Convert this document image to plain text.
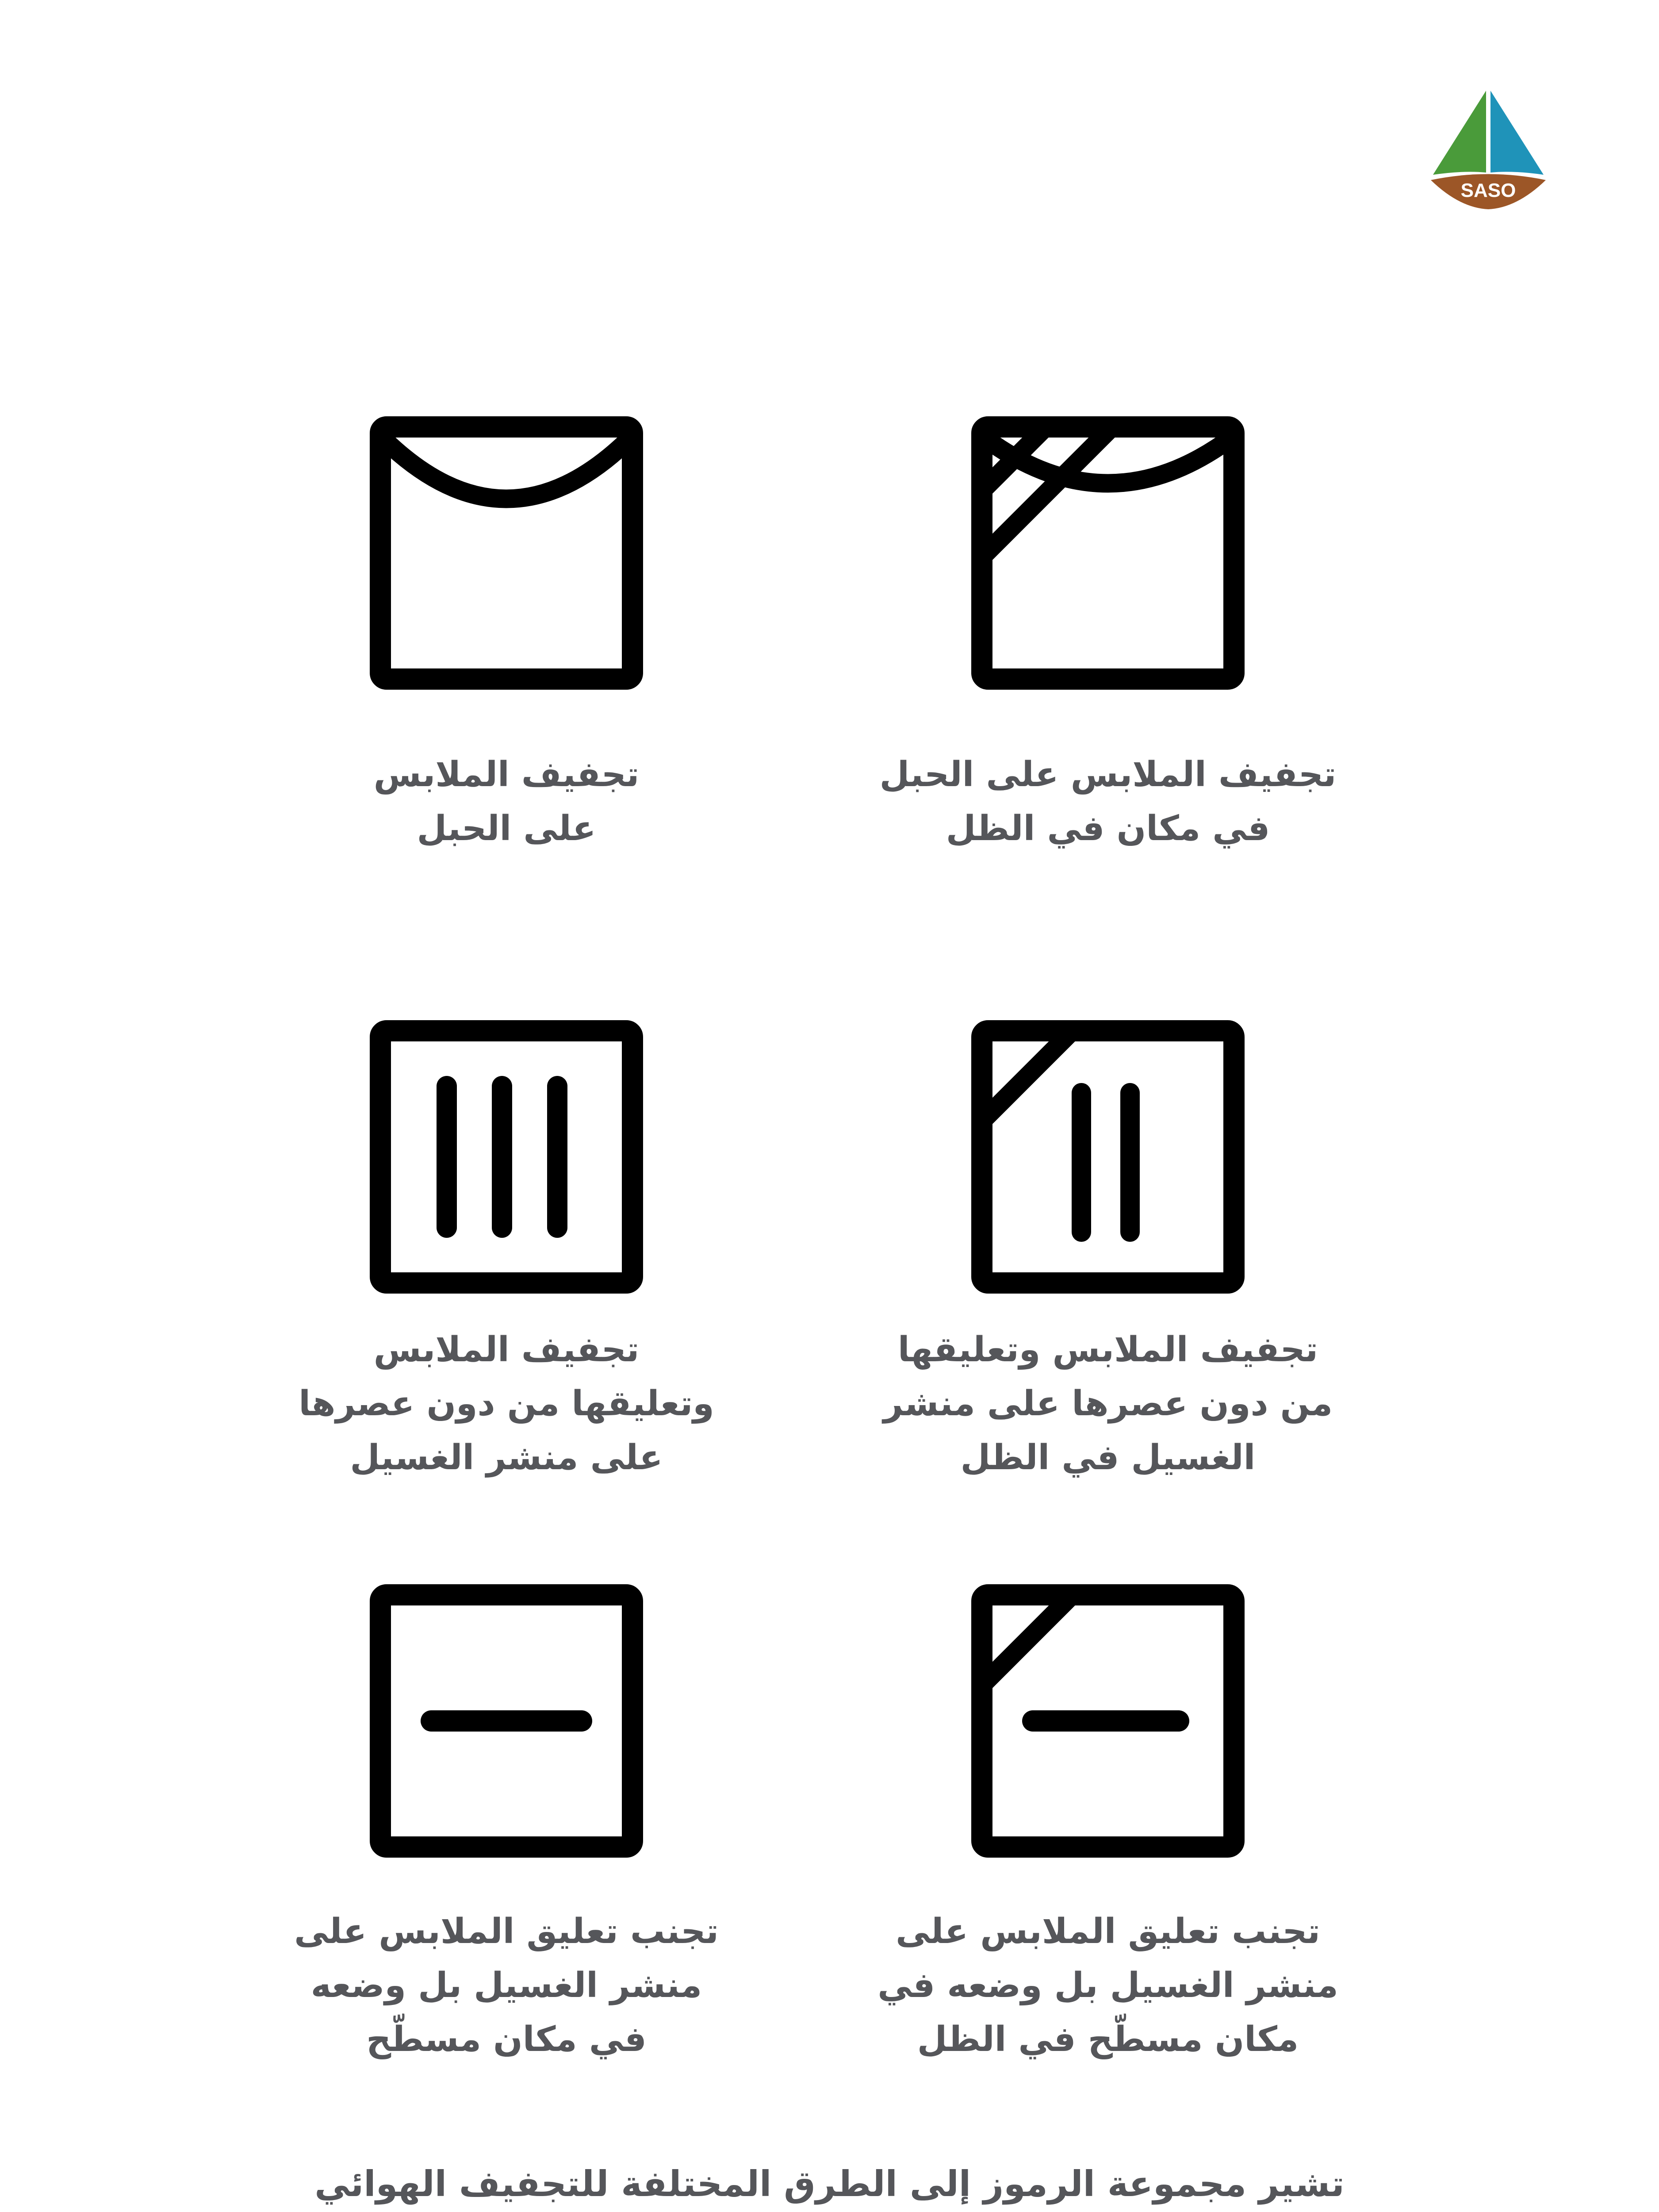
SASO
تجفيف الملابس على الحبل
في مكان في الظل
تجفيف الملابس
على الحبل
تجفيف الملابس وتعليقها
من دون عصرها على منشر
الغسيل في الظل
تجفيف الملابس
وتعليقها من دون عصرها
على منشر الغسيل
تجنب تعليق الملابس على
منشر الغسيل بل وضعه في
مكان مسطّح في الظل
تجنب تعليق الملابس على
منشر الغسيل بل وضعه
في مكان مسطّح
تشير مجموعة الرموز إلى الطرق المختلفة للتجفيف الهوائي
